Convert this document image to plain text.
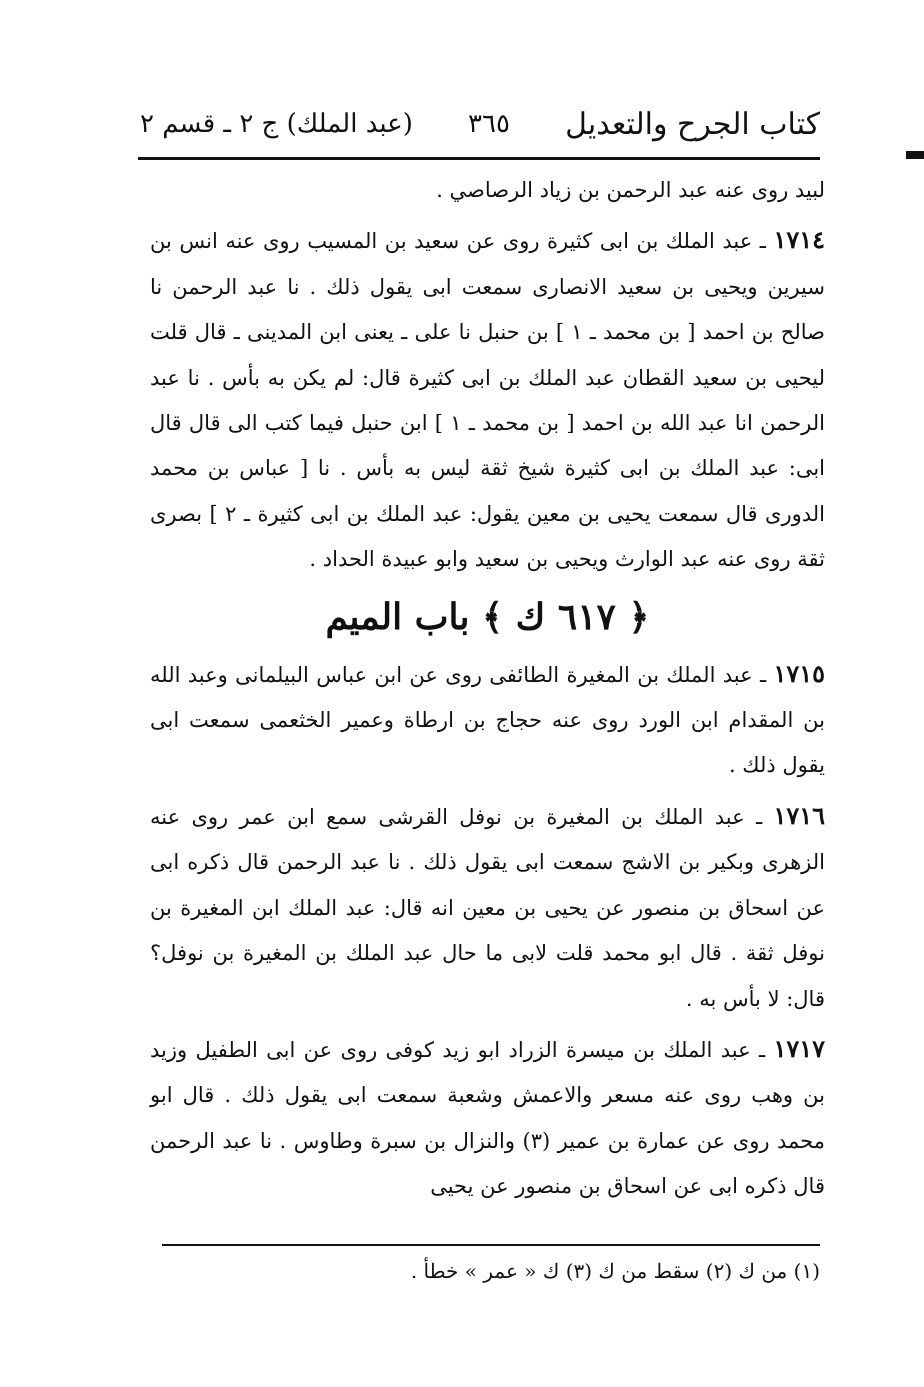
كتاب الجرح والتعديل
٣٦٥
(عبد الملك) ج ٢ ـ قسم ٢

لبيد روى عنه عبد الرحمن بن زياد الرصاصي .

١٧١٤ ـ عبد الملك بن ابى كثيرة روى عن سعيد بن المسيب روى عنه انس بن سيرين ويحيى بن سعيد الانصارى سمعت ابى يقول ذلك . نا عبد الرحمن نا صالح بن احمد [ بن محمد ـ ١ ] بن حنبل نا على ـ يعنى ابن المدينى ـ قال قلت ليحيى بن سعيد القطان عبد الملك بن ابى كثيرة قال: لم يكن به بأس . نا عبد الرحمن انا عبد الله بن احمد [ بن محمد ـ ١ ] ابن حنبل فيما كتب الى قال قال ابى: عبد الملك بن ابى كثيرة شيخ ثقة ليس به بأس . نا [ عباس بن محمد الدورى قال سمعت يحيى بن معين يقول: عبد الملك بن ابى كثيرة ـ ٢ ] بصرى ثقة روى عنه عبد الوارث ويحيى بن سعيد وابو عبيدة الحداد .

﴿ ٦١٧ ك ﴾ باب الميم

١٧١٥ ـ عبد الملك بن المغيرة الطائفى روى عن ابن عباس البيلمانى وعبد الله بن المقدام ابن الورد روى عنه حجاج بن ارطاة وعمير الخثعمى سمعت ابى يقول ذلك .

١٧١٦ ـ عبد الملك بن المغيرة بن نوفل القرشى سمع ابن عمر روى عنه الزهرى وبكير بن الاشج سمعت ابى يقول ذلك . نا عبد الرحمن قال ذكره ابى عن اسحاق بن منصور عن يحيى بن معين انه قال: عبد الملك ابن المغيرة بن نوفل ثقة . قال ابو محمد قلت لابى ما حال عبد الملك بن المغيرة بن نوفل؟ قال: لا بأس به .

١٧١٧ ـ عبد الملك بن ميسرة الزراد ابو زيد كوفى روى عن ابى الطفيل وزيد بن وهب روى عنه مسعر والاعمش وشعبة سمعت ابى يقول ذلك . قال ابو محمد روى عن عمارة بن عمير (٣) والنزال بن سبرة وطاوس . نا عبد الرحمن قال ذكره ابى عن اسحاق بن منصور عن يحيى

(١) من ك (٢) سقط من ك (٣) ك « عمر » خطأ .
